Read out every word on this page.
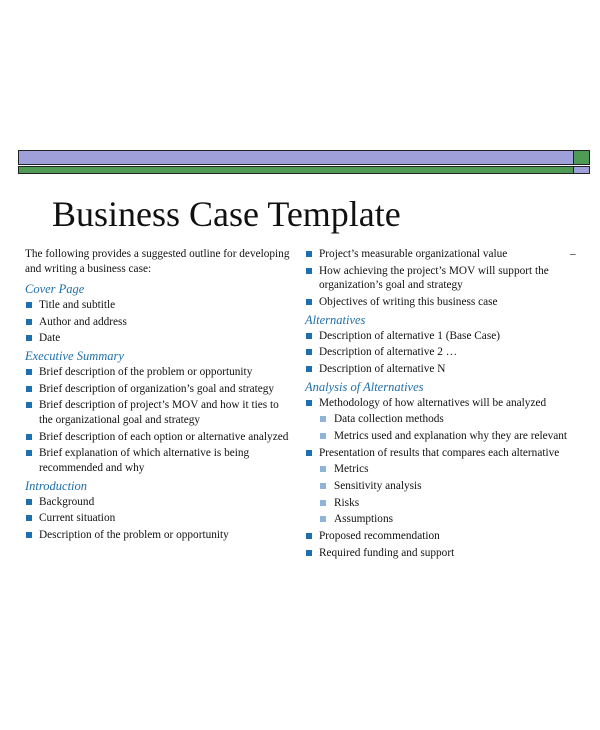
Business Case Template
The following provides a suggested outline for developing and writing a business case:
Cover Page
Title and subtitle
Author and address
Date
Executive Summary
Brief description of the problem or opportunity
Brief description of organization’s goal and strategy
Brief description of project’s MOV and how it ties to the organizational goal and strategy
Brief description of each option or alternative analyzed
Brief explanation of which alternative is being recommended and why
Introduction
Background
Current situation
Description of the problem or opportunity
–
Project’s measurable organizational value
How achieving the project’s MOV will support the organization’s goal and strategy
Objectives of writing this business case
Alternatives
Description of alternative 1 (Base Case)
Description of alternative 2 …
Description of alternative N
Analysis of Alternatives
Methodology of how alternatives will be analyzed
Data collection methods
Metrics used and explanation why they are relevant
Presentation of results that compares each alternative
Metrics
Sensitivity analysis
Risks
Assumptions
Proposed recommendation
Required funding and support
